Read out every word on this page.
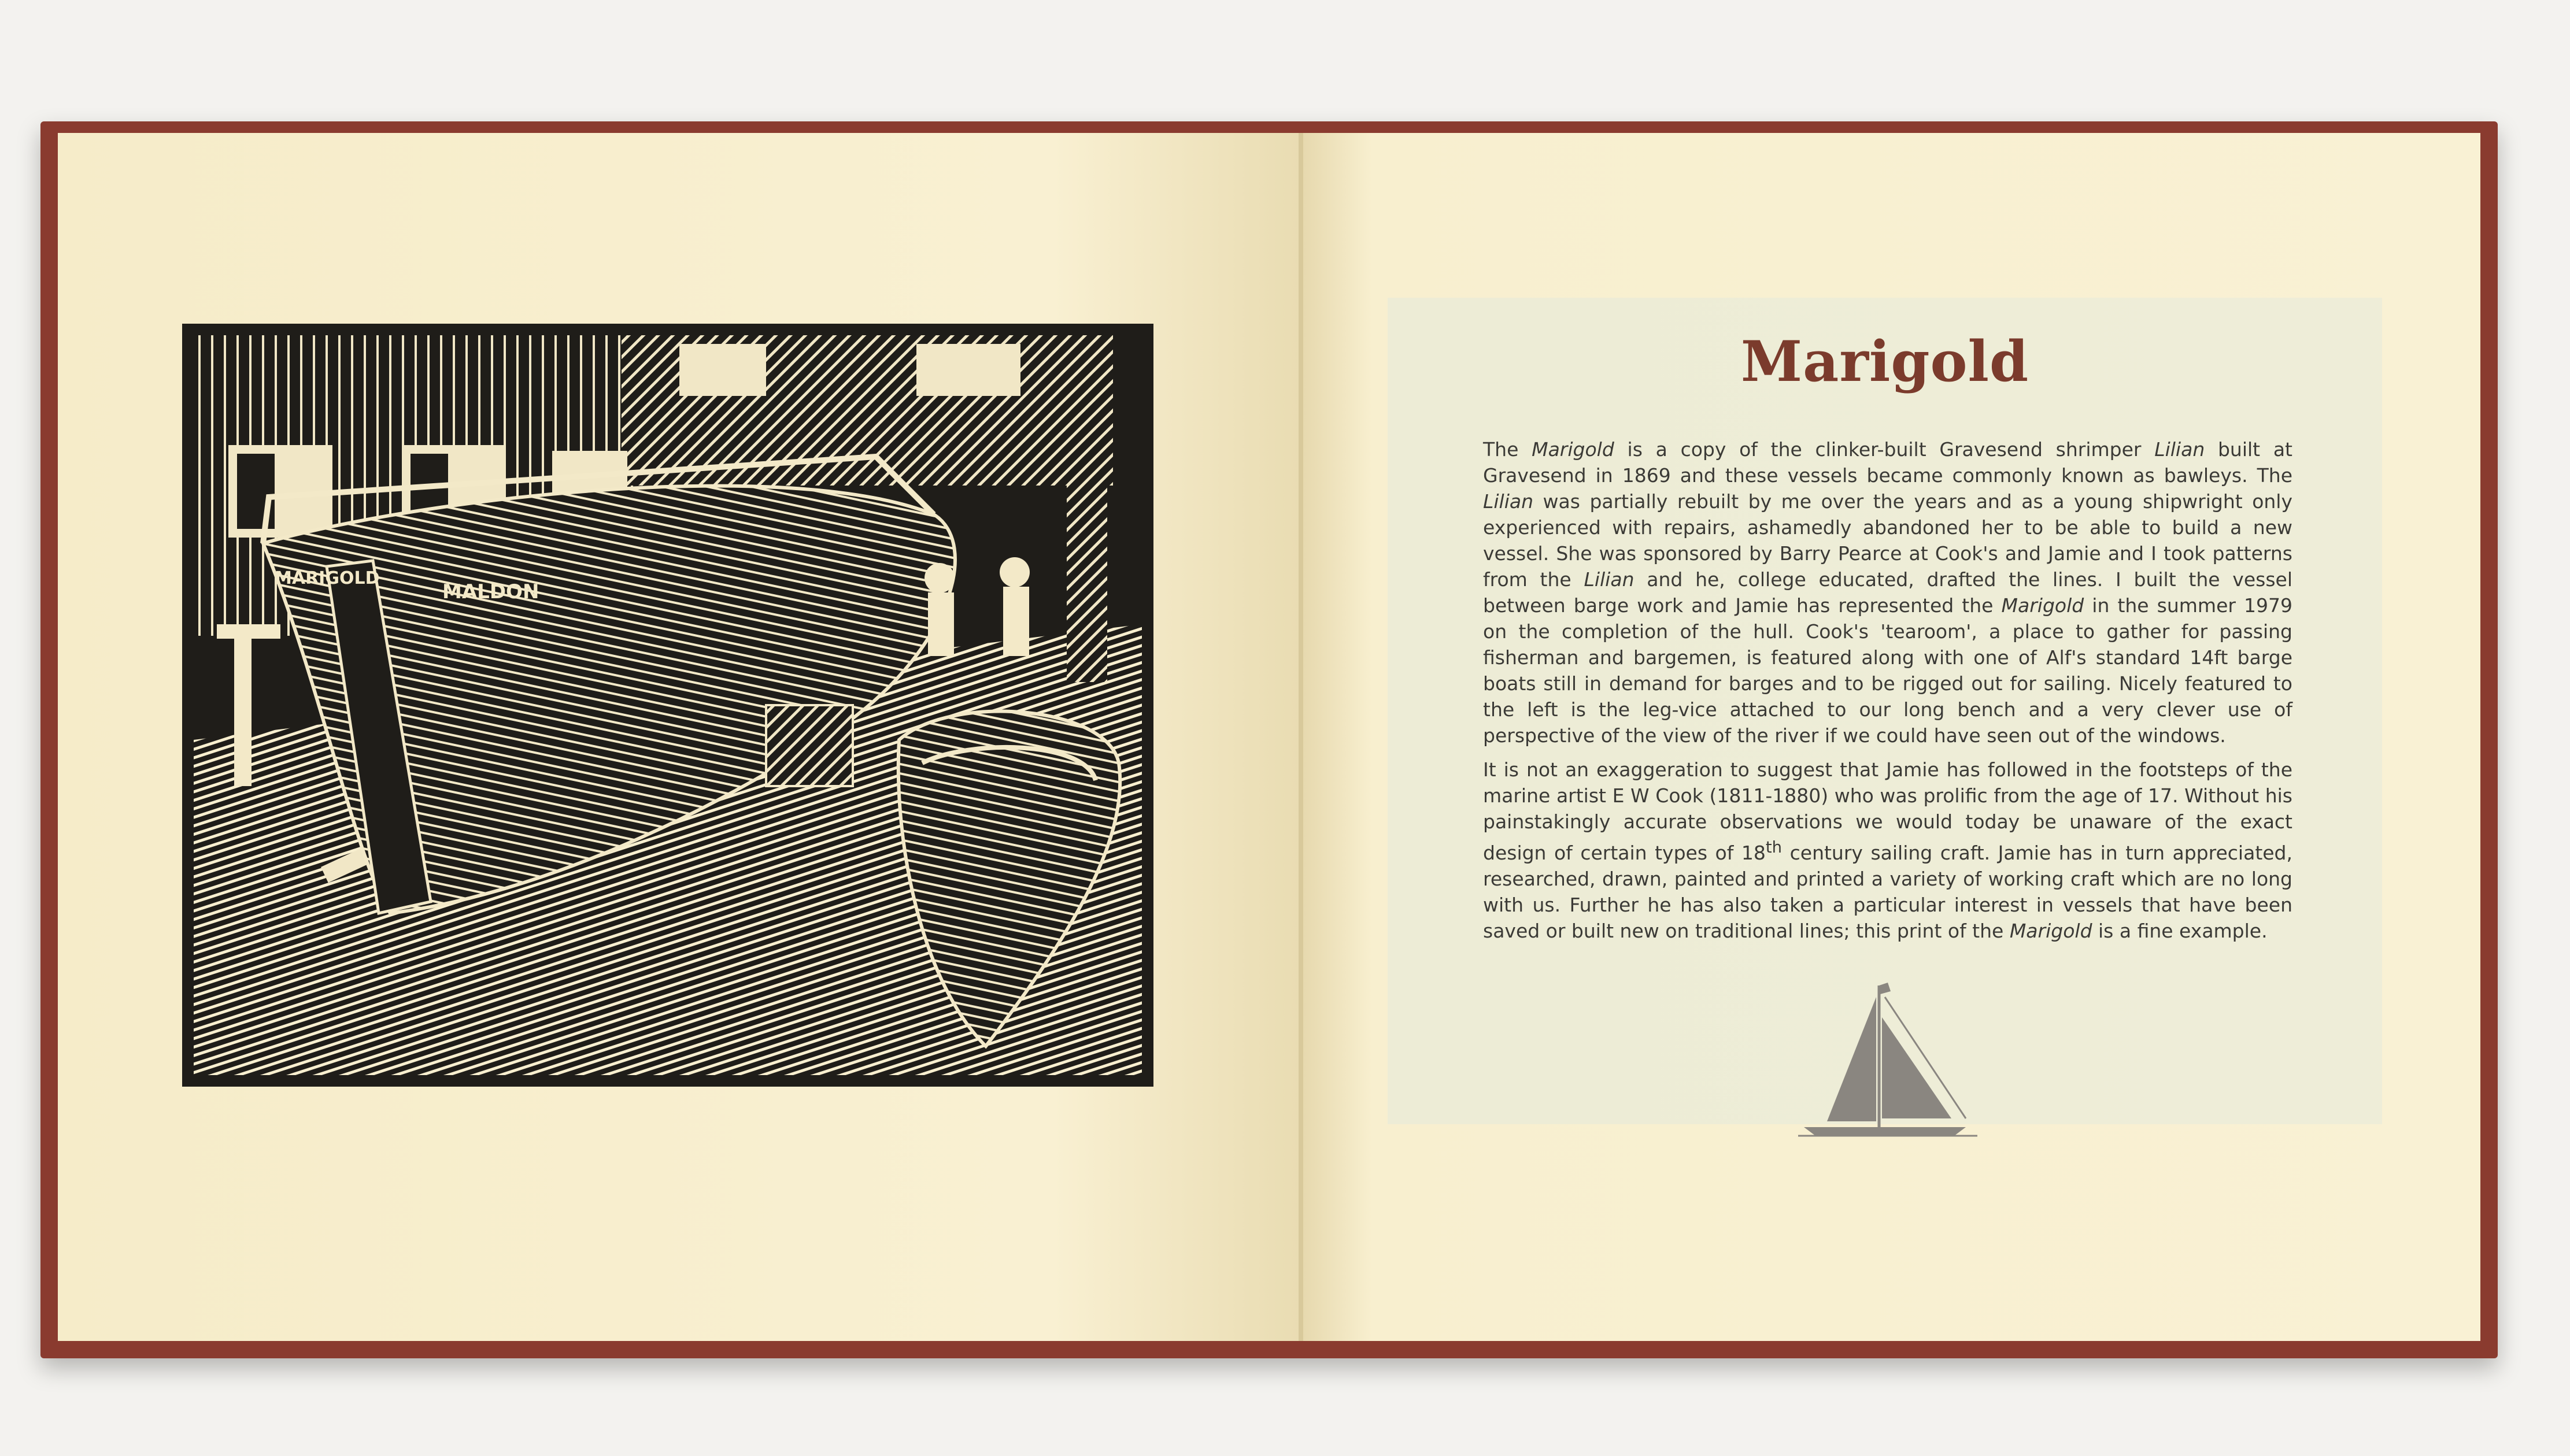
MARIGOLD
MALDON
Marigold

The Marigold is a copy of the clinker-built Gravesend shrimper Lilian built at Gravesend in 1869 and these vessels became commonly known as bawleys. The Lilian was partially rebuilt by me over the years and as a young shipwright only experienced with repairs, ashamedly abandoned her to be able to build a new vessel. She was sponsored by Barry Pearce at Cook's and Jamie and I took patterns from the Lilian and he, college educated, drafted the lines. I built the vessel between barge work and Jamie has represented the Marigold in the summer 1979 on the completion of the hull. Cook's 'tearoom', a place to gather for passing fisherman and bargemen, is featured along with one of Alf's standard 14ft barge boats still in demand for barges and to be rigged out for sailing. Nicely featured to the left is the leg-vice attached to our long bench and a very clever use of perspective of the view of the river if we could have seen out of the windows.

It is not an exaggeration to suggest that Jamie has followed in the footsteps of the marine artist E W Cook (1811-1880) who was prolific from the age of 17. Without his painstakingly accurate observations we would today be unaware of the exact design of certain types of 18th century sailing craft. Jamie has in turn appreciated, researched, drawn, painted and printed a variety of working craft which are no long with us. Further he has also taken a particular interest in vessels that have been saved or built new on traditional lines; this print of the Marigold is a fine example.
